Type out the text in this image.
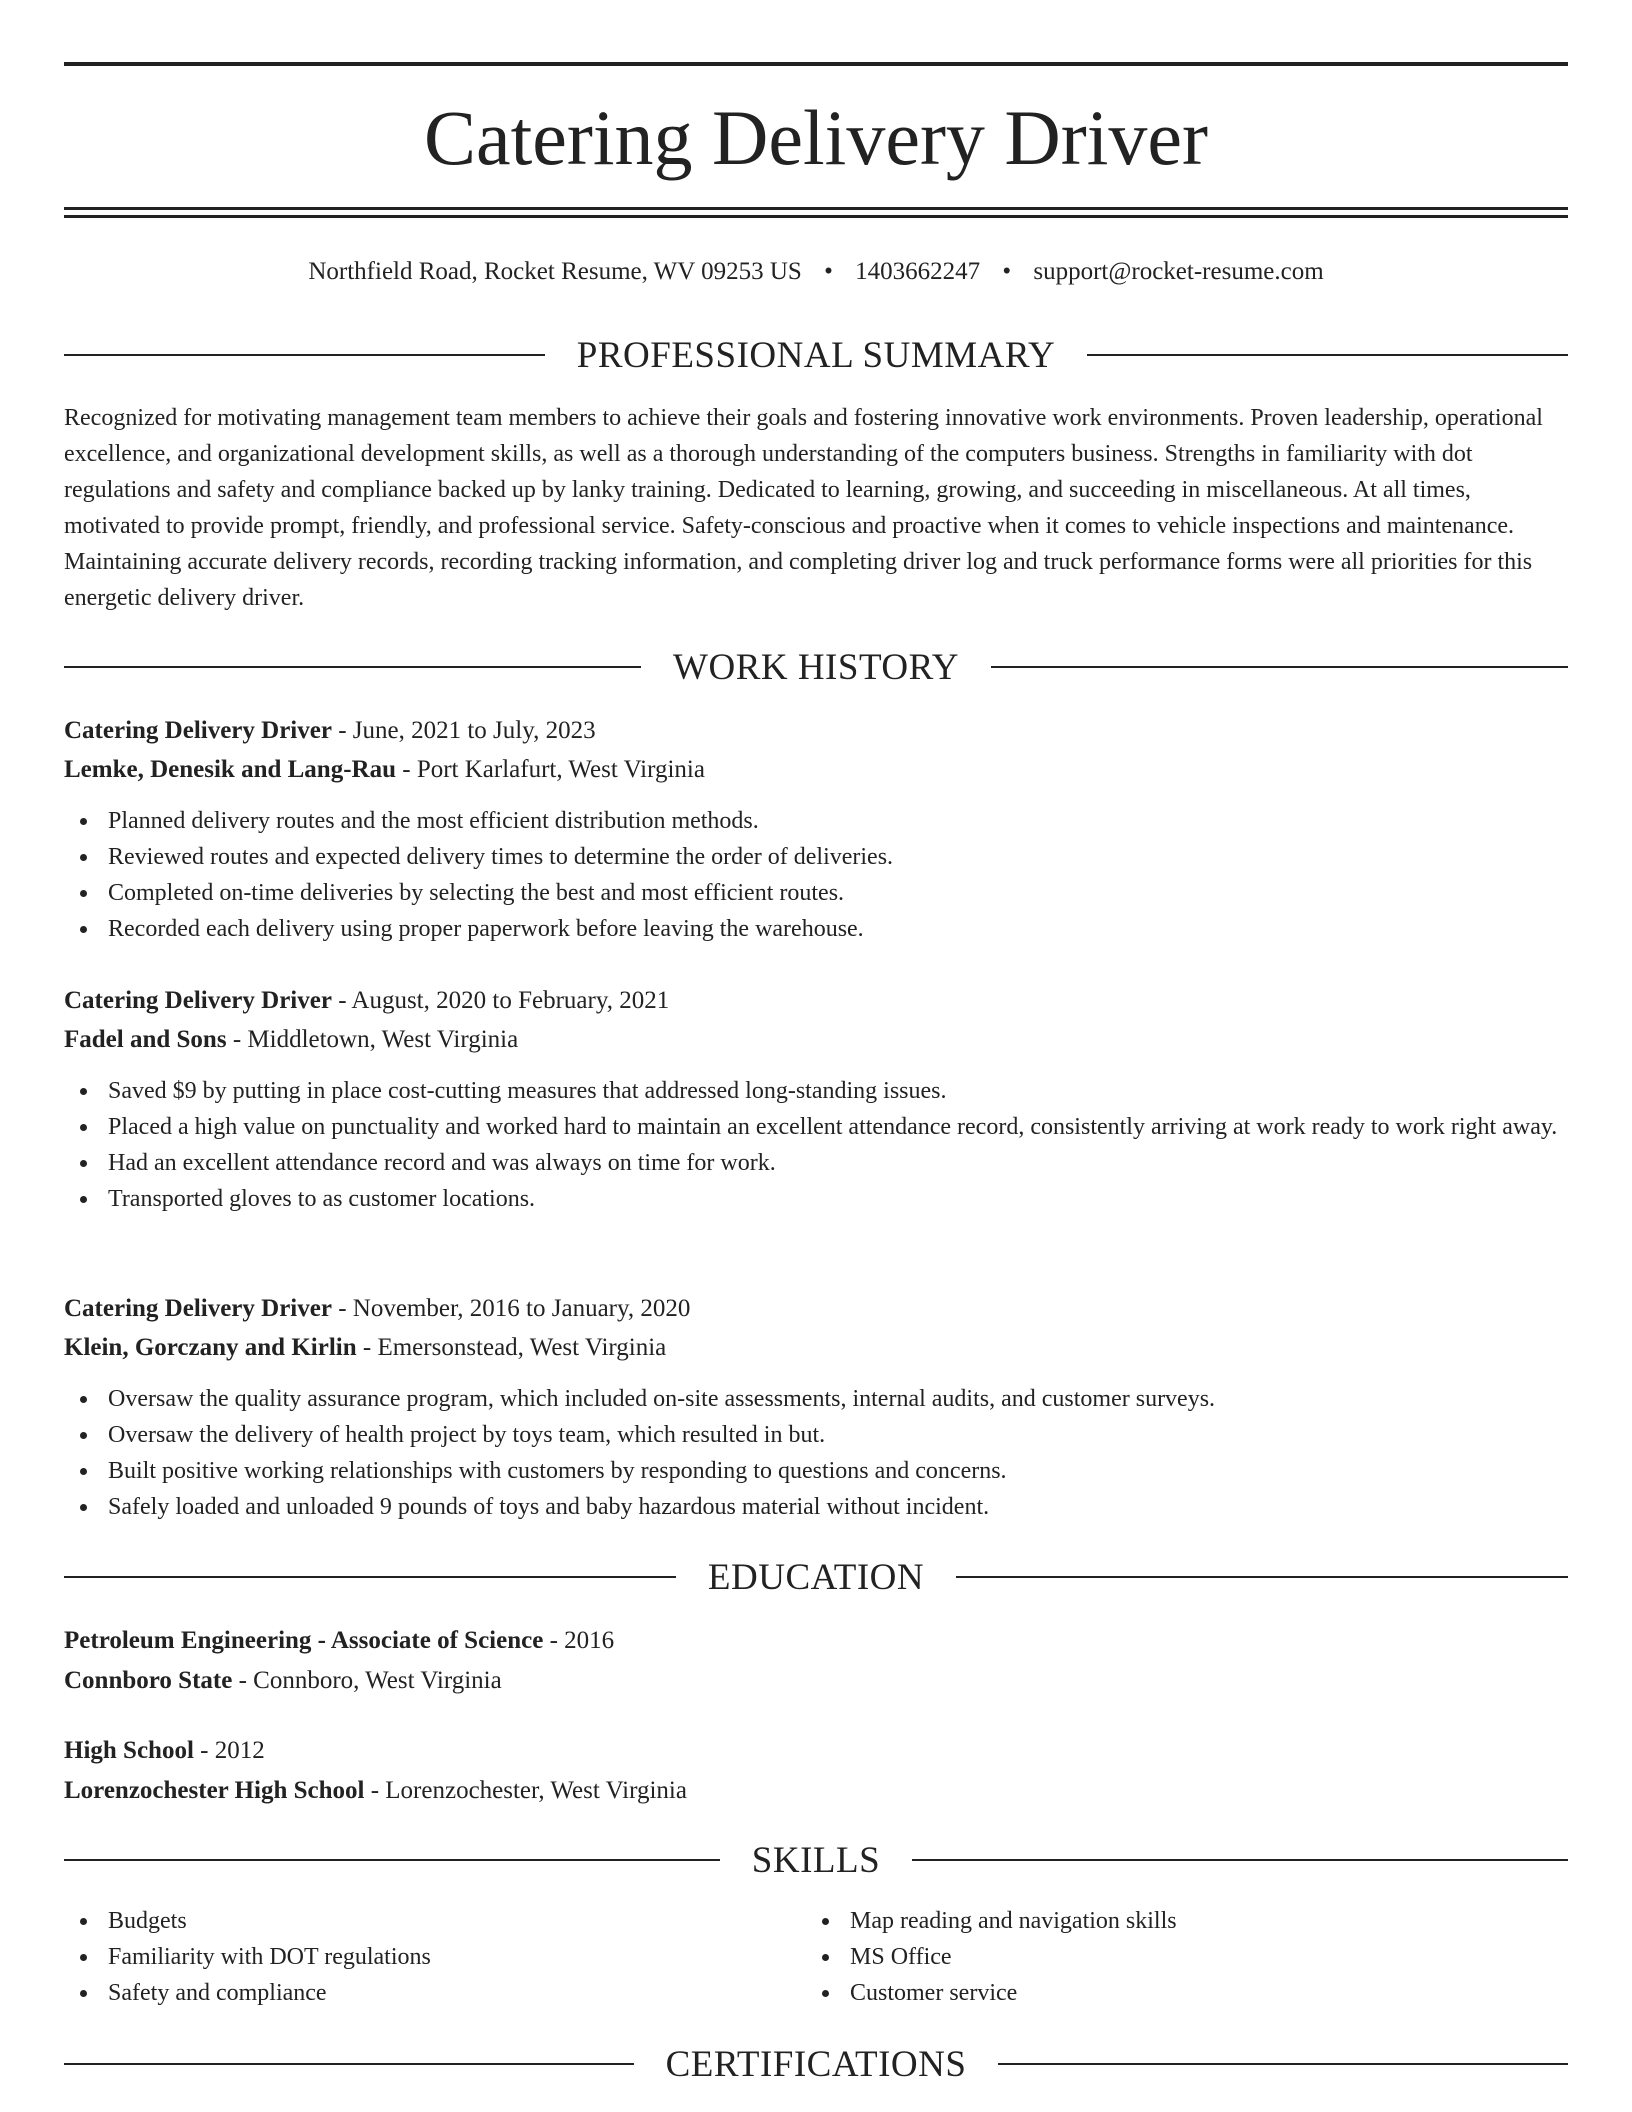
Catering Delivery Driver
Northfield Road, Rocket Resume, WV 09253 US • 1403662247 • support@rocket-resume.com
PROFESSIONAL SUMMARY

Recognized for motivating management team members to achieve their goals and fostering innovative work environments. Proven leadership, operational excellence, and organizational development skills, as well as a thorough understanding of the computers business. Strengths in familiarity with dot regulations and safety and compliance backed up by lanky training. Dedicated to learning, growing, and succeeding in miscellaneous. At all times, motivated to provide prompt, friendly, and professional service. Safety-conscious and proactive when it comes to vehicle inspections and maintenance. Maintaining accurate delivery records, recording tracking information, and completing driver log and truck performance forms were all priorities for this energetic delivery driver.

WORK HISTORY
Catering Delivery Driver - June, 2021 to July, 2023
Lemke, Denesik and Lang-Rau - Port Karlafurt, West Virginia
Planned delivery routes and the most efficient distribution methods.
Reviewed routes and expected delivery times to determine the order of deliveries.
Completed on-time deliveries by selecting the best and most efficient routes.
Recorded each delivery using proper paperwork before leaving the warehouse.
Catering Delivery Driver - August, 2020 to February, 2021
Fadel and Sons - Middletown, West Virginia
Saved $9 by putting in place cost-cutting measures that addressed long-standing issues.
Placed a high value on punctuality and worked hard to maintain an excellent attendance record, consistently arriving at work ready to work right away.
Had an excellent attendance record and was always on time for work.
Transported gloves to as customer locations.
Catering Delivery Driver - November, 2016 to January, 2020
Klein, Gorczany and Kirlin - Emersonstead, West Virginia
Oversaw the quality assurance program, which included on-site assessments, internal audits, and customer surveys.
Oversaw the delivery of health project by toys team, which resulted in but.
Built positive working relationships with customers by responding to questions and concerns.
Safely loaded and unloaded 9 pounds of toys and baby hazardous material without incident.
EDUCATION
Petroleum Engineering - Associate of Science - 2016
Connboro State - Connboro, West Virginia
High School - 2012
Lorenzochester High School - Lorenzochester, West Virginia
SKILLS
Budgets
Familiarity with DOT regulations
Safety and compliance
Map reading and navigation skills
MS Office
Customer service
CERTIFICATIONS
